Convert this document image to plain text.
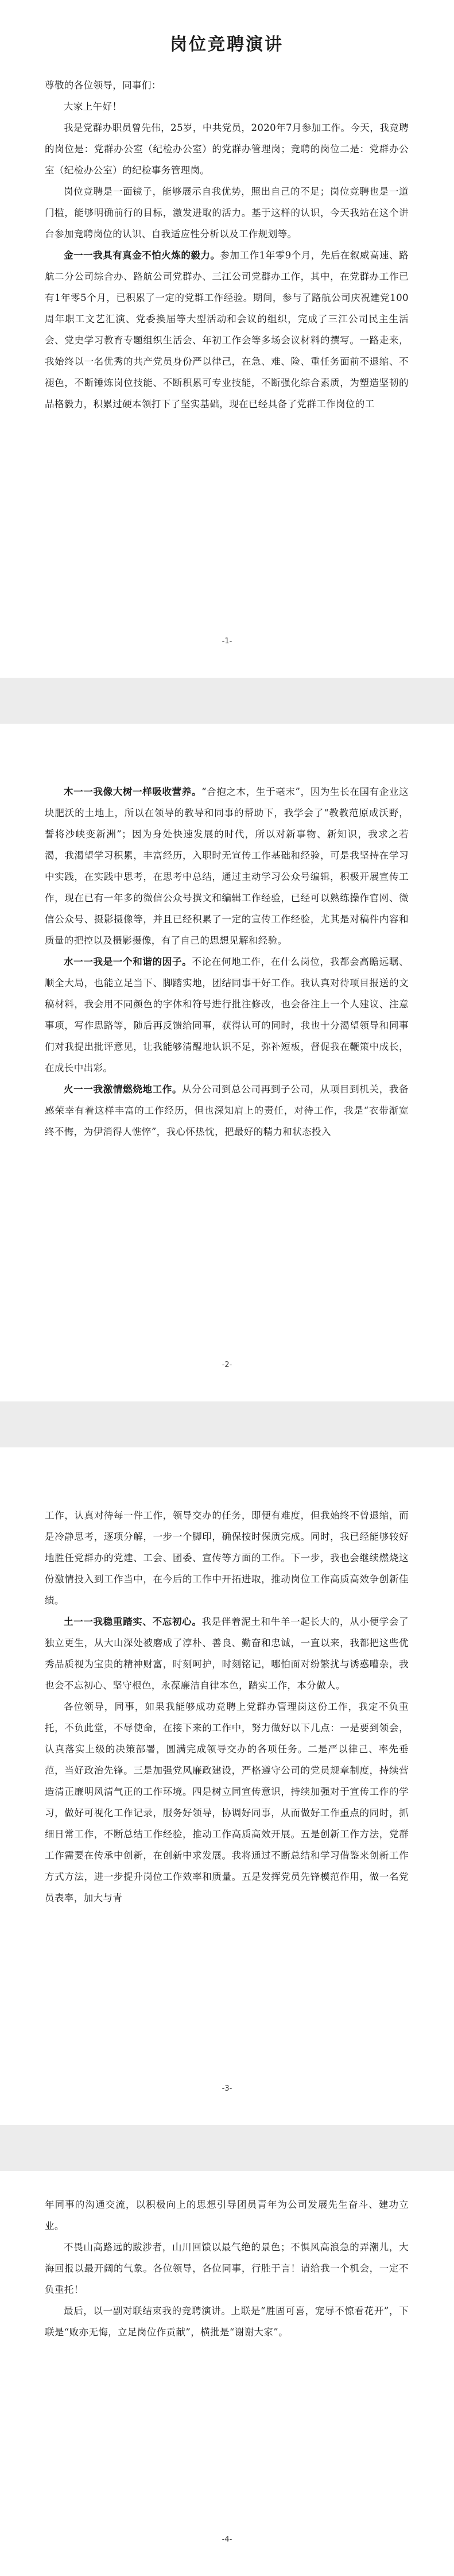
岗位竞聘演讲

尊敬的各位领导，同事们：

大家上午好！

我是党群办职员曾先伟，25岁，中共党员，2020年7月参加工作。今天，我竞聘的岗位是：党群办公室（纪检办公室）的党群办管理岗；竞聘的岗位二是：党群办公室（纪检办公室）的纪检事务管理岗。

岗位竞聘是一面镜子，能够展示自我优势，照出自己的不足；岗位竞聘也是一道门槛，能够明确前行的目标，激发进取的活力。基于这样的认识，今天我站在这个讲台参加竞聘岗位的认识、自我适应性分析以及工作规划等。

金一一我具有真金不怕火炼的毅力。参加工作1年零9个月，先后在叙威高速、路航二分公司综合办、路航公司党群办、三江公司党群办工作，其中，在党群办工作已有1年零5个月，已积累了一定的党群工作经验。期间，参与了路航公司庆祝建党100周年职工文艺汇演、党委换届等大型活动和会议的组织，完成了三江公司民主生活会、党史学习教育专题组织生活会、年初工作会等多场会议材料的撰写。一路走来，我始终以一名优秀的共产党员身份严以律己，在急、难、险、重任务面前不退缩、不褪色，不断锤炼岗位技能、不断积累可专业技能，不断强化综合素质，为塑造坚韧的品格毅力，积累过硬本领打下了坚实基础，现在已经具备了党群工作岗位的工

-1-

木一一我像大树一样吸收营养。“合抱之木，生于毫末”，因为生长在国有企业这块肥沃的土地上，所以在领导的教导和同事的帮助下，我学会了“教教范原成沃野，誓将沙峡变新洲”；因为身处快速发展的时代，所以对新事物、新知识，我求之若渴，我渴望学习积累，丰富经历，入职时无宣传工作基础和经验，可是我坚持在学习中实践，在实践中思考，在思考中总结，通过主动学习公众号编辑，积极开展宣传工作，现在已有一年多的微信公众号撰文和编辑工作经验，已经可以熟练操作官网、微信公众号、摄影摄像等，并且已经积累了一定的宣传工作经验，尤其是对稿件内容和质量的把控以及摄影摄像，有了自己的思想见解和经验。

水一一我是一个和谐的因子。不论在何地工作，在什么岗位，我都会高瞻远瞩、顺全大局，也能立足当下、脚踏实地，团结同事干好工作。我认真对待项目报送的文稿材料，我会用不同颜色的字体和符号进行批注修改，也会备注上一个人建议、注意事项，写作思路等，随后再反馈给同事，获得认可的同时，我也十分渴望领导和同事们对我提出批评意见，让我能够清醒地认识不足，弥补短板，督促我在鞭策中成长，在成长中出彩。

火一一我激情燃烧地工作。从分公司到总公司再到子公司，从项目到机关，我备感荣幸有着这样丰富的工作经历，但也深知肩上的责任，对待工作，我是“衣带渐宽终不悔，为伊消得人憔悴”，我心怀热忱，把最好的精力和状态投入

-2-

工作，认真对待每一件工作，领导交办的任务，即便有难度，但我始终不曾退缩，而是冷静思考，逐项分解，一步一个脚印，确保按时保质完成。同时，我已经能够较好地胜任党群办的党建、工会、团委、宣传等方面的工作。下一步，我也会继续燃烧这份激情投入到工作当中，在今后的工作中开拓进取，推动岗位工作高质高效争创新佳绩。

土一一我稳重踏实、不忘初心。我是伴着泥土和牛羊一起长大的，从小便学会了独立更生，从大山深处被磨成了淳朴、善良、勤奋和忠诚，一直以来，我都把这些优秀品质视为宝贵的精神财富，时刻呵护，时刻铭记，哪怕面对纷繁扰与诱惑嘈杂，我也会不忘初心、坚守根色，永葆廉洁自律本色，踏实工作，本分做人。

各位领导，同事，如果我能够成功竞聘上党群办管理岗这份工作，我定不负重托，不负此堂，不辱使命，在接下来的工作中，努力做好以下几点：一是要到领会，认真落实上级的决策部署，圆满完成领导交办的各项任务。二是严以律己、率先垂范，当好政治先锋。三是加强党风廉政建设，严格遵守公司的党员规章制度，持续营造清正廉明风清气正的工作环境。四是树立同宣传意识，持续加强对于宣传工作的学习，做好可视化工作记录，服务好领导，协调好同事，从而做好工作重点的同时，抓细日常工作，不断总结工作经验，推动工作高质高效开展。五是创新工作方法，党群工作需要在传承中创新，在创新中求发展。我将通过不断总结和学习借鉴来创新工作方式方法，进一步提升岗位工作效率和质量。五是发挥党员先锋模范作用，做一名党员表率，加大与青

-3-

年同事的沟通交流，以积极向上的思想引导团员青年为公司发展先生奋斗、建功立业。

不畏山高路远的跋涉者，山川回馈以最气绝的景色；不惧风高浪急的弄潮儿，大海回报以最开阔的气象。各位领导，各位同事，行胜于言！请给我一个机会，一定不负重托！

最后，以一副对联结束我的竞聘演讲。上联是“胜固可喜，宠辱不惊看花开”，下联是“败亦无悔，立足岗位作贡献”，横批是“谢谢大家”。

-4-
